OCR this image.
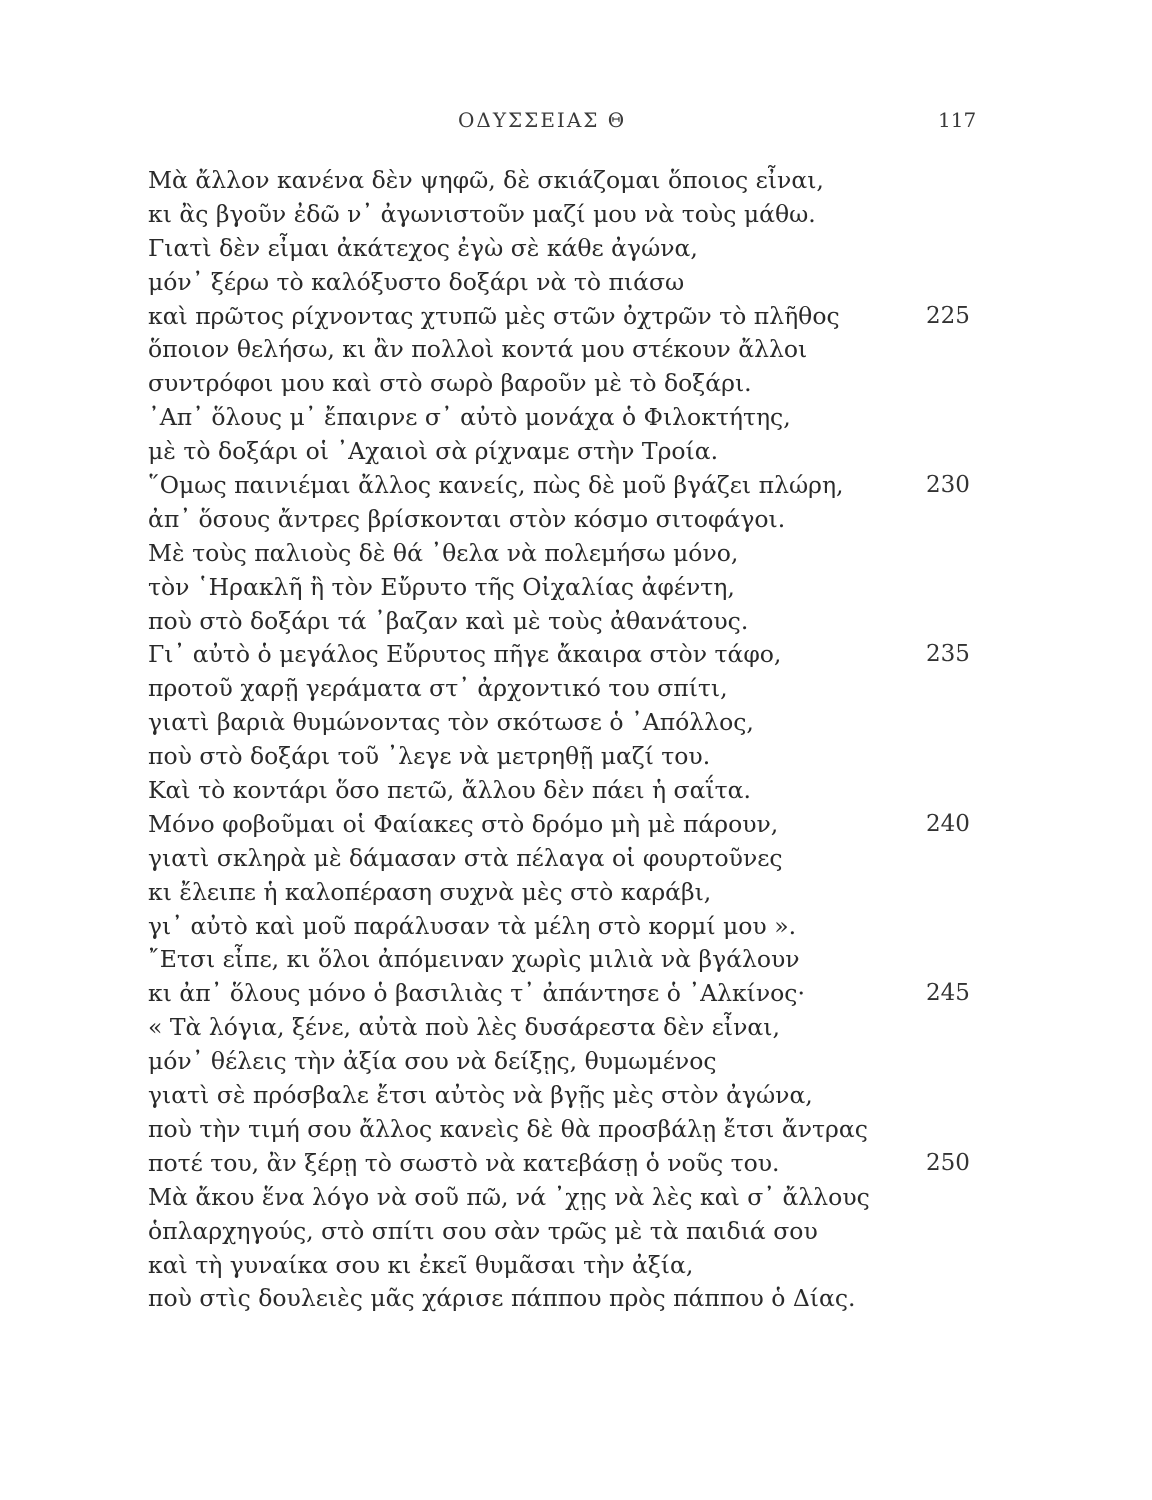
ΟΔΥΣΣΕΙΑΣ Θ	117
Μὰ ἄλλον κανένα δὲν ψηφῶ, δὲ σκιάζομαι ὅποιος εἶναι,
κι ἂς βγοῦν ἐδῶ ν᾽ ἀγωνιστοῦν μαζί μου νὰ τοὺς μάθω.
Γιατὶ δὲν εἶμαι ἀκάτεχος ἐγὼ σὲ κάθε ἀγώνα,
μόν᾽ ξέρω τὸ καλόξυστο δοξάρι νὰ τὸ πιάσω
καὶ πρῶτος ρίχνοντας χτυπῶ μὲς στῶν ὀχτρῶν τὸ πλῆθος	225
ὅποιον θελήσω, κι ἂν πολλοὶ κοντά μου στέκουν ἄλλοι
συντρόφοι μου καὶ στὸ σωρὸ βαροῦν μὲ τὸ δοξάρι.
᾽Απ᾽ ὅλους μ᾽ ἔπαιρνε σ᾽ αὐτὸ μονάχα ὁ Φιλοκτήτης,
μὲ τὸ δοξάρι οἱ ᾽Αχαιοὶ σὰ ρίχναμε στὴν Τροία.
῞Ομως παινιέμαι ἄλλος κανείς, πὼς δὲ μοῦ βγάζει πλώρη,	230
ἀπ᾽ ὅσους ἄντρες βρίσκονται στὸν κόσμο σιτοφάγοι.
Μὲ τοὺς παλιοὺς δὲ θά ᾽θελα νὰ πολεμήσω μόνο,
τὸν ῾Ηρακλῆ ἢ τὸν Εὔρυτο τῆς Οἰχαλίας ἀφέντη,
ποὺ στὸ δοξάρι τά ᾽βαζαν καὶ μὲ τοὺς ἀθανάτους.
Γι᾽ αὐτὸ ὁ μεγάλος Εὔρυτος πῆγε ἄκαιρα στὸν τάφο,	235
προτοῦ χαρῇ γεράματα στ᾽ ἀρχοντικό του σπίτι,
γιατὶ βαριὰ θυμώνοντας τὸν σκότωσε ὁ ᾽Απόλλος,
ποὺ στὸ δοξάρι τοῦ ᾽λεγε νὰ μετρηθῇ μαζί του.
Καὶ τὸ κοντάρι ὅσο πετῶ, ἄλλου δὲν πάει ἡ σαΐτα.
Μόνο φοβοῦμαι οἱ Φαίακες στὸ δρόμο μὴ μὲ πάρουν,	240
γιατὶ σκληρὰ μὲ δάμασαν στὰ πέλαγα οἱ φουρτοῦνες
κι ἔλειπε ἡ καλοπέραση συχνὰ μὲς στὸ καράβι,
γι᾽ αὐτὸ καὶ μοῦ παράλυσαν τὰ μέλη στὸ κορμί μου ».
῎Ετσι εἶπε, κι ὅλοι ἀπόμειναν χωρὶς μιλιὰ νὰ βγάλουν
κι ἀπ᾽ ὅλους μόνο ὁ βασιλιὰς τ᾽ ἀπάντησε ὁ ᾽Αλκίνος·	245
« Τὰ λόγια, ξένε, αὐτὰ ποὺ λὲς δυσάρεστα δὲν εἶναι,
μόν᾽ θέλεις τὴν ἀξία σου νὰ δείξῃς, θυμωμένος
γιατὶ σὲ πρόσβαλε ἔτσι αὐτὸς νὰ βγῇς μὲς στὸν ἀγώνα,
ποὺ τὴν τιμή σου ἄλλος κανεὶς δὲ θὰ προσβάλῃ ἔτσι ἄντρας
ποτέ του, ἂν ξέρῃ τὸ σωστὸ νὰ κατεβάσῃ ὁ νοῦς του.	250
Μὰ ἄκου ἕνα λόγο νὰ σοῦ πῶ, νά ᾽χῃς νὰ λὲς καὶ σ᾽ ἄλλους
ὁπλαρχηγούς, στὸ σπίτι σου σὰν τρῶς μὲ τὰ παιδιά σου
καὶ τὴ γυναίκα σου κι ἐκεῖ θυμᾶσαι τὴν ἀξία,
ποὺ στὶς δουλειὲς μᾶς χάρισε πάππου πρὸς πάππου ὁ Δίας.
